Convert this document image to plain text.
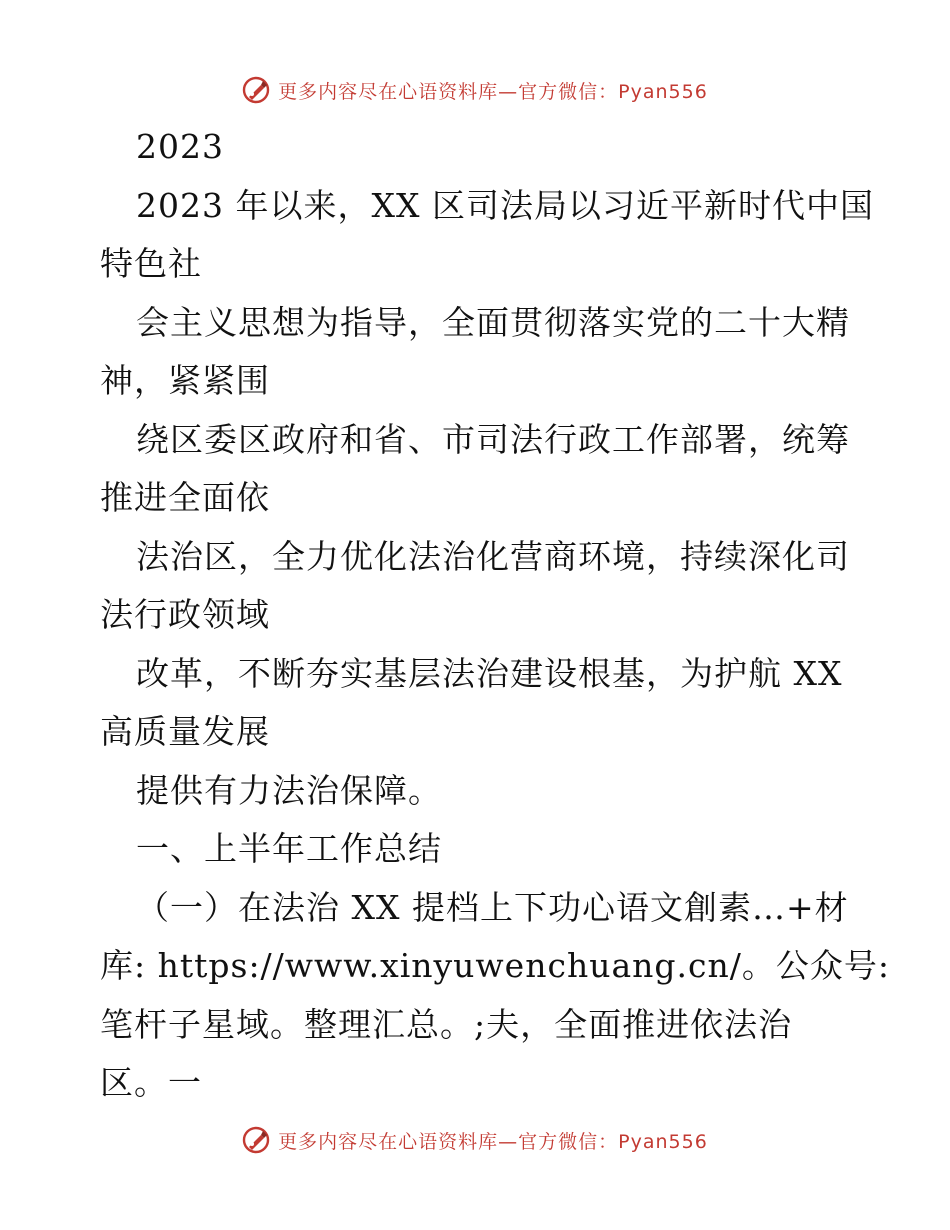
更多内容尽在心语资料库—官方微信：Pyan556
2023
2023 年以来，XX 区司法局以习近平新时代中国
特色社
会主义思想为指导，全面贯彻落实党的二十大精
神，紧紧围
绕区委区政府和省、市司法行政工作部署，统筹
推进全面依
法治区，全力优化法治化营商环境，持续深化司
法行政领域
改革，不断夯实基层法治建设根基，为护航 XX
高质量发展
提供有力法治保障。
一、上半年工作总结
（一）在法治 XX 提档上下功心语文創素…+材
库: https://www.xinyuwenchuang.cn/。公众号:
笔杆子星域。整理汇总。;夫，全面推进依法治
区。一
更多内容尽在心语资料库—官方微信：Pyan556
